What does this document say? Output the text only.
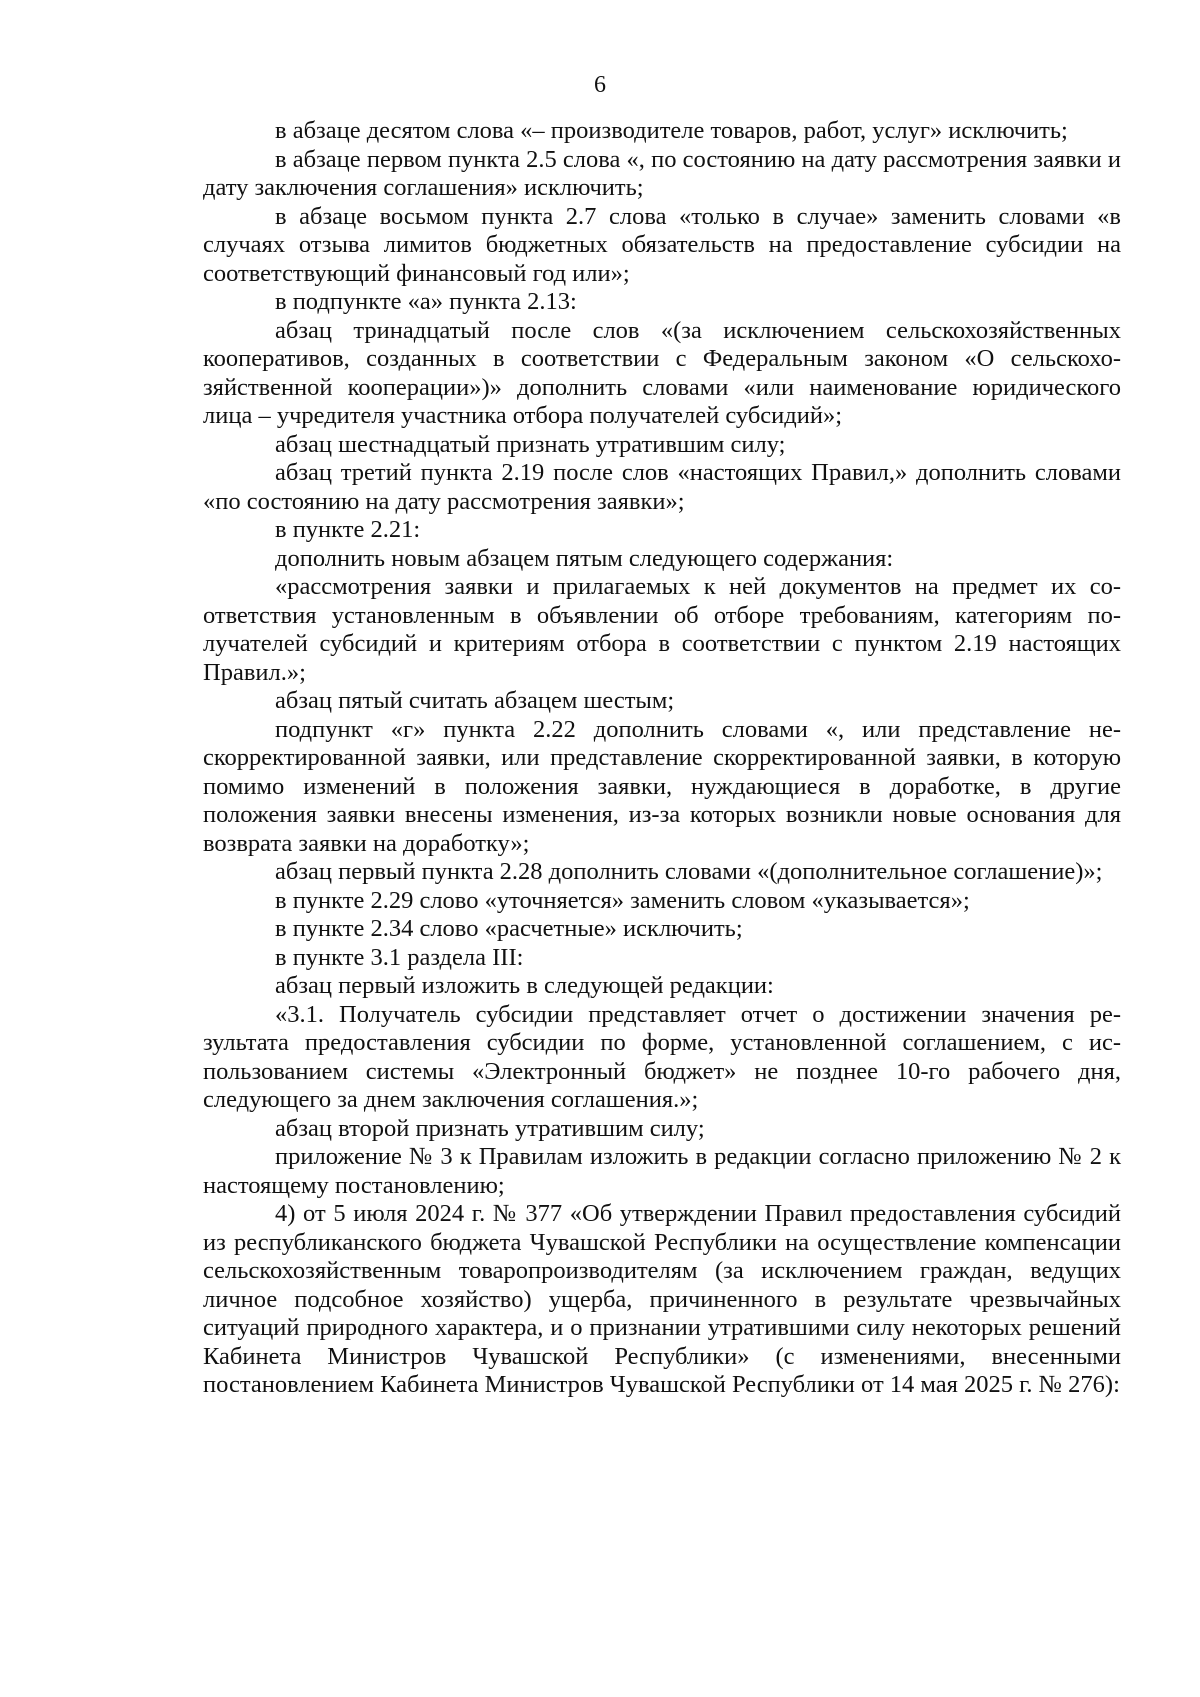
6

в абзаце десятом слова «– производителе товаров, работ, услуг» исключить;

в абзаце первом пункта 2.5 слова «, по состоянию на дату рассмотрения заявки и дату заключения соглашения» исключить;

в абзаце восьмом пункта 2.7 слова «только в случае» заменить словами «в случаях отзыва лимитов бюджетных обязательств на предоставление субсидии на соответствующий финансовый год или»;

в подпункте «а» пункта 2.13:

абзац тринадцатый после слов «(за исключением сельскохозяйственных кооперативов, созданных в соответствии с Федеральным законом «О сельскохозяйственной кооперации»)» дополнить словами «или наименование юридического лица – учредителя участника отбора получателей субсидий»;

абзац шестнадцатый признать утратившим силу;

абзац третий пункта 2.19 после слов «настоящих Правил,» дополнить словами «по состоянию на дату рассмотрения заявки»;

в пункте 2.21:

дополнить новым абзацем пятым следующего содержания:

«рассмотрения заявки и прилагаемых к ней документов на предмет их соответствия установленным в объявлении об отборе требованиям, категориям получателей субсидий и критериям отбора в соответствии с пунктом 2.19 настоящих Правил.»;

абзац пятый считать абзацем шестым;

подпункт «г» пункта 2.22 дополнить словами «, или представление нескорректированной заявки, или представление скорректированной заявки, в которую помимо изменений в положения заявки, нуждающиеся в доработке, в другие положения заявки внесены изменения, из-за которых возникли новые основания для возврата заявки на доработку»;

абзац первый пункта 2.28 дополнить словами «(дополнительное соглашение)»;

в пункте 2.29 слово «уточняется» заменить словом «указывается»;

в пункте 2.34 слово «расчетные» исключить;

в пункте 3.1 раздела III:

абзац первый изложить в следующей редакции:

«3.1. Получатель субсидии представляет отчет о достижении значения результата предоставления субсидии по форме, установленной соглашением, с использованием системы «Электронный бюджет» не позднее 10-го рабочего дня, следующего за днем заключения соглашения.»;

абзац второй признать утратившим силу;

приложение № 3 к Правилам изложить в редакции согласно приложению № 2 к настоящему постановлению;

4) от 5 июля 2024 г. № 377 «Об утверждении Правил предоставления субсидий из республиканского бюджета Чувашской Республики на осуществление компенсации сельскохозяйственным товаропроизводителям (за исключением граждан, ведущих личное подсобное хозяйство) ущерба, причиненного в результате чрезвычайных ситуаций природного характера, и о признании утратившими силу некоторых решений Кабинета Министров Чувашской Республики» (с изменениями, внесенными постановлением Кабинета Министров Чувашской Республики от 14 мая 2025 г. № 276):
